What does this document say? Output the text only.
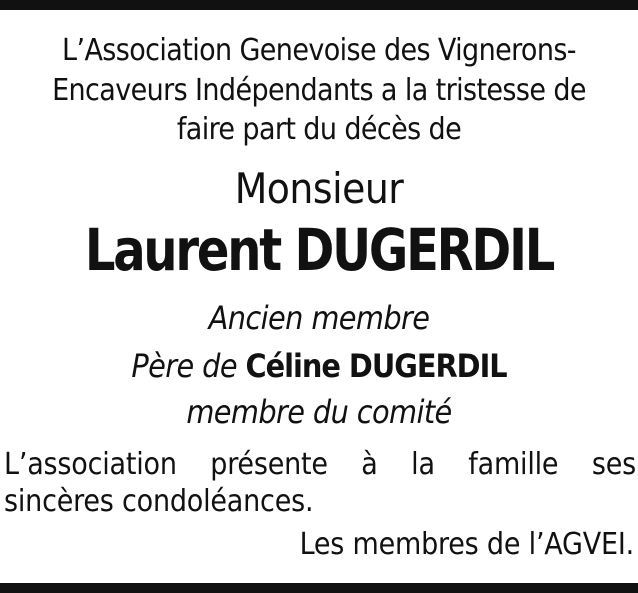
L’Association Genevoise des Vignerons-
Encaveurs Indépendants a la tristesse de
faire part du décès de
Monsieur
Laurent DUGERDIL
Ancien membre
Père de Céline DUGERDIL
membre du comité
L’association présente à la famille ses
sincères condoléances.
Les membres de l’AGVEI.
